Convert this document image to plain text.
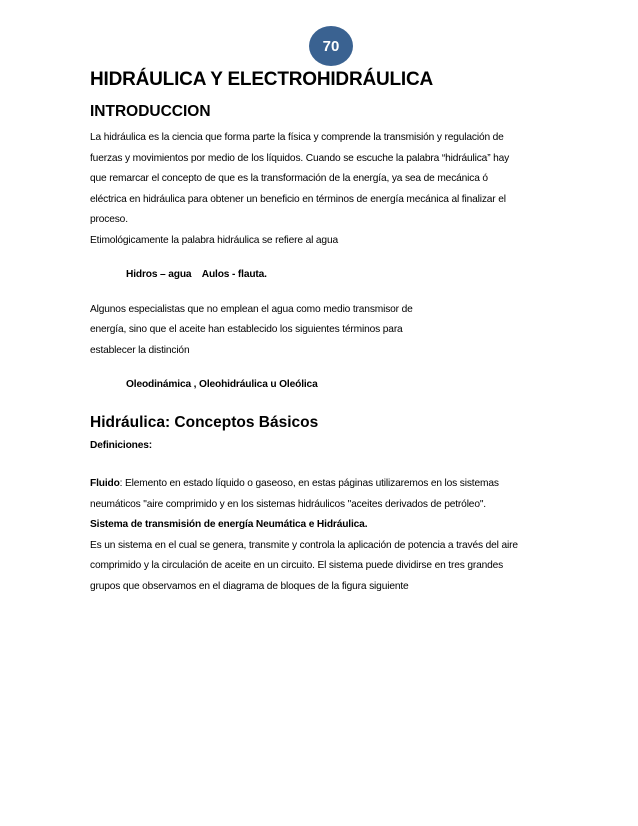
70
HIDRÁULICA Y ELECTROHIDRÁULICA
INTRODUCCION

La hidráulica es la ciencia que forma parte la física y comprende la transmisión y regulación de

fuerzas y movimientos por medio de los líquidos. Cuando se escuche la palabra “hidráulica” hay

que remarcar el concepto de que es la transformación de la energía, ya sea de mecánica ó

eléctrica en hidráulica para obtener un beneficio en términos de energía mecánica al finalizar el

proceso.

Etimológicamente la palabra hidráulica se refiere al agua

Hidros – agua    Aulos - flauta.

Algunos especialistas que no emplean el agua como medio transmisor de

energía, sino que el aceite han establecido los siguientes términos para

establecer la distinción

Oleodinámica , Oleohidráulica u Oleólica

Hidráulica: Conceptos Básicos

Definiciones:

Fluido: Elemento en estado líquido o gaseoso, en estas páginas utilizaremos en los sistemas

neumáticos "aire comprimido y en los sistemas hidráulicos "aceites derivados de petróleo".

Sistema de transmisión de energía Neumática e Hidráulica.

Es un sistema en el cual se genera, transmite y controla la aplicación de potencia a través del aire

comprimido y la circulación de aceite en un circuito. El sistema puede dividirse en tres grandes

grupos que observamos en el diagrama de bloques de la figura siguiente
